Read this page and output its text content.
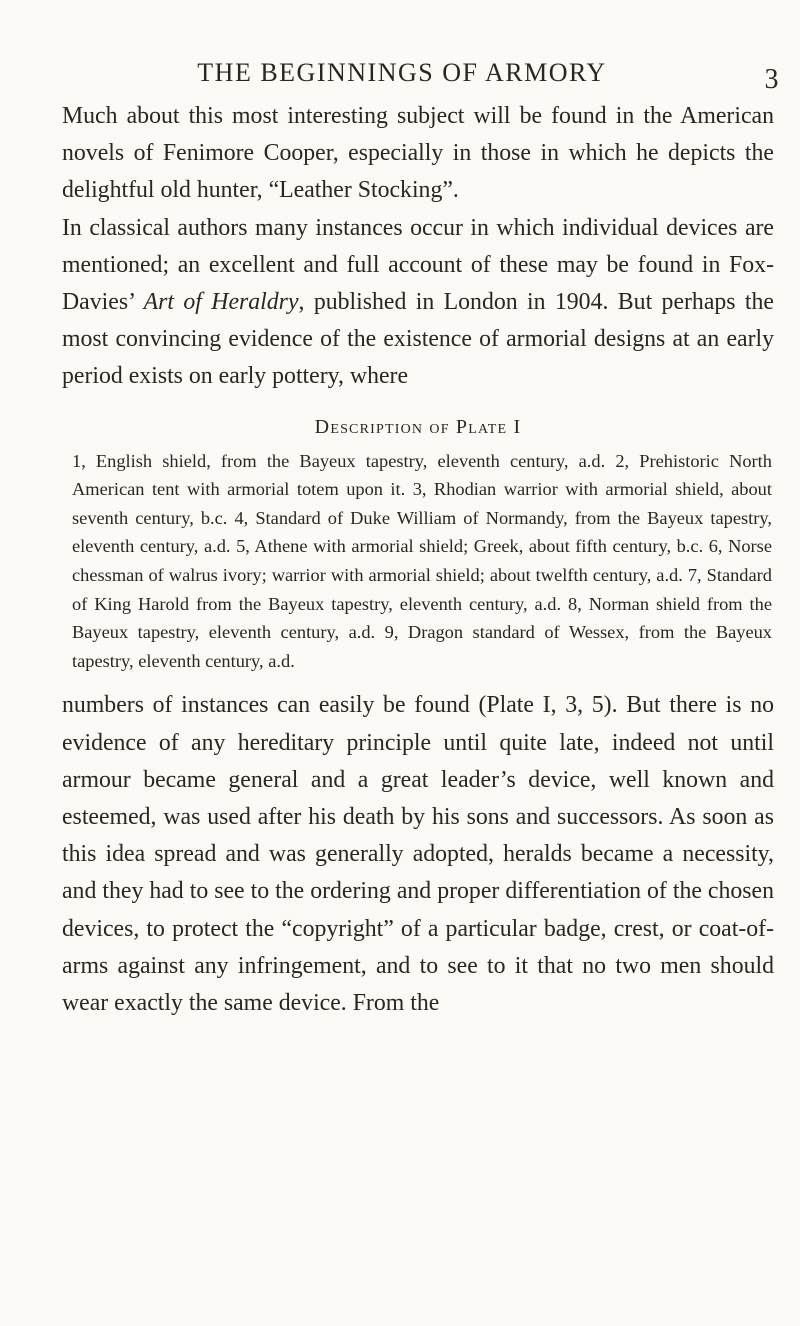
THE BEGINNINGS OF ARMORY	3

Much about this most interesting subject will be found in the American novels of Fenimore Cooper, especially in those in which he depicts the delightful old hunter, “Leather Stocking”.

In classical authors many instances occur in which individual devices are mentioned; an excellent and full account of these may be found in Fox-Davies’ Art of Heraldry, published in London in 1904. But perhaps the most convincing evidence of the existence of armorial designs at an early period exists on early pottery, where

Description of Plate I
1, English shield, from the Bayeux tapestry, eleventh century, a.d. 2, Prehistoric North American tent with armorial totem upon it. 3, Rhodian warrior with armorial shield, about seventh century, b.c. 4, Standard of Duke William of Normandy, from the Bayeux tapestry, eleventh century, a.d. 5, Athene with armorial shield; Greek, about fifth century, b.c. 6, Norse chessman of walrus ivory; warrior with armorial shield; about twelfth century, a.d. 7, Standard of King Harold from the Bayeux tapestry, eleventh century, a.d. 8, Norman shield from the Bayeux tapestry, eleventh century, a.d. 9, Dragon standard of Wessex, from the Bayeux tapestry, eleventh century, a.d.

numbers of instances can easily be found (Plate I, 3, 5). But there is no evidence of any hereditary principle until quite late, indeed not until armour became general and a great leader’s device, well known and esteemed, was used after his death by his sons and successors. As soon as this idea spread and was generally adopted, heralds became a necessity, and they had to see to the ordering and proper differentiation of the chosen devices, to protect the “copyright” of a particular badge, crest, or coat-of-arms against any infringement, and to see to it that no two men should wear exactly the same device. From the
